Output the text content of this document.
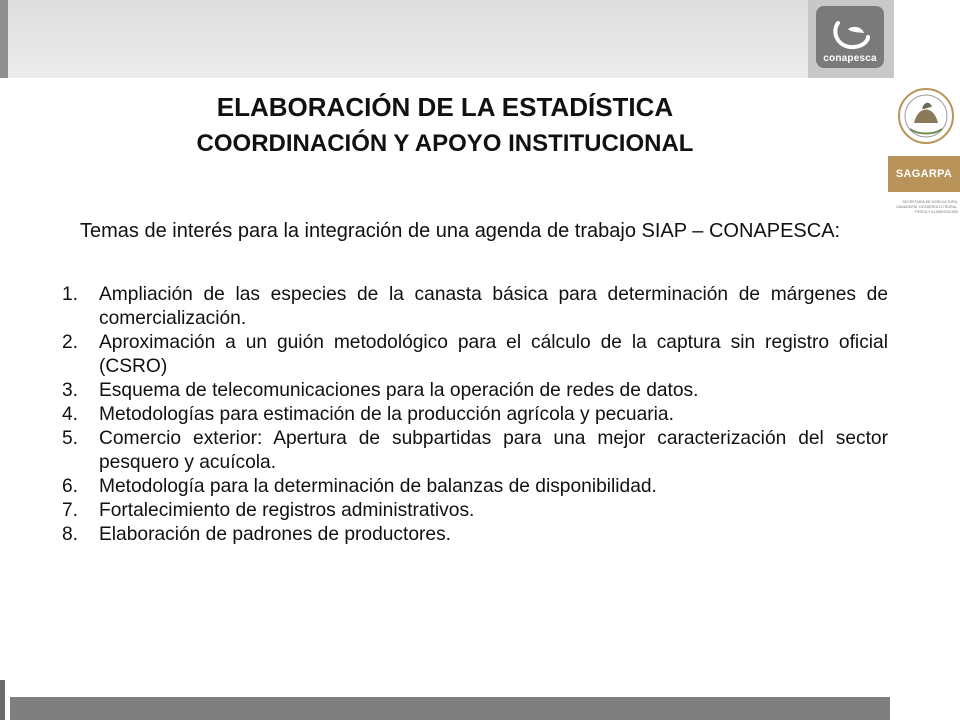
conapesca
SAGARPA
SECRETARÍA DE AGRICULTURA, GANADERÍA, DESARROLLO RURAL, PESCA Y ALIMENTACIÓN
ELABORACIÓN DE LA ESTADÍSTICA
COORDINACIÓN Y APOYO INSTITUCIONAL
Temas de interés para la integración de una agenda de trabajo SIAP – CONAPESCA:
1.	Ampliación de las especies de la canasta básica para determinación de márgenes de comercialización.
2.	Aproximación a un guión metodológico para el cálculo de la captura sin registro oficial (CSRO)
3.	Esquema de telecomunicaciones para la operación de redes de datos.
4.	Metodologías para estimación de la producción agrícola y pecuaria.
5.	Comercio exterior: Apertura de subpartidas para una mejor caracterización del sector pesquero y acuícola.
6.	Metodología para la determinación de balanzas de disponibilidad.
7.	Fortalecimiento de registros administrativos.
8.	Elaboración de padrones de productores.
